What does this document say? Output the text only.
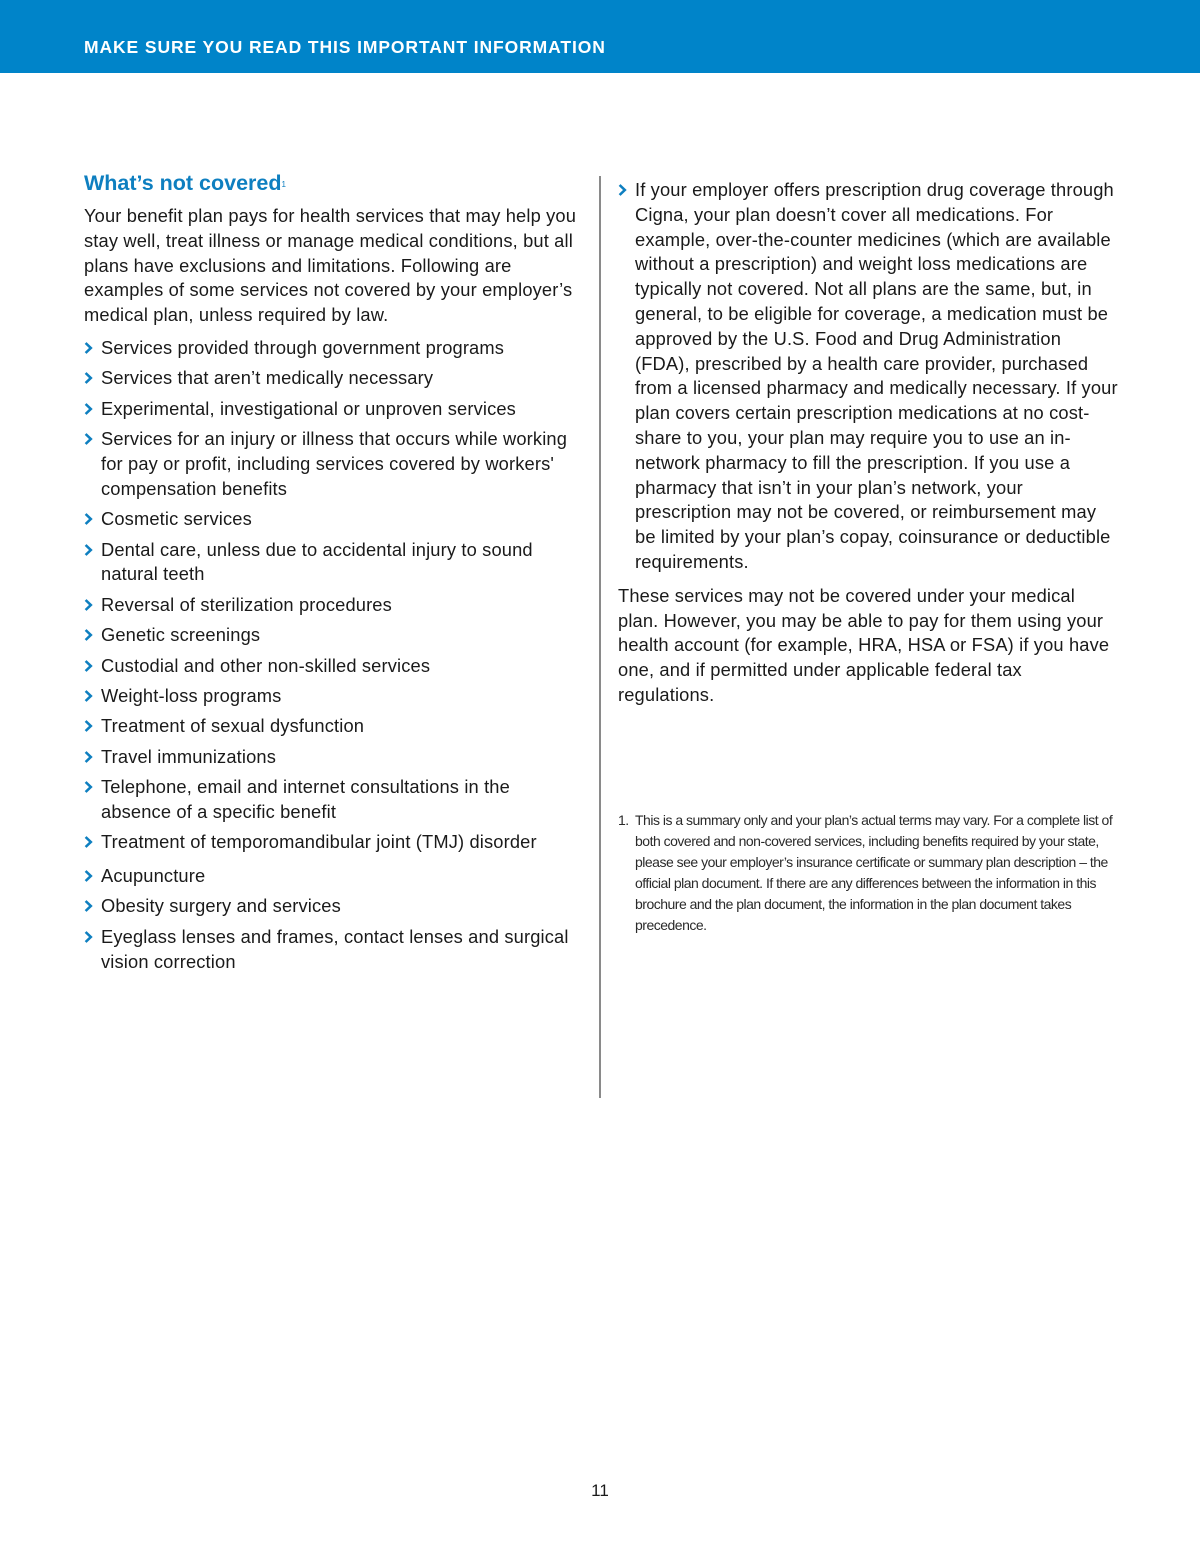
MAKE SURE YOU READ THIS IMPORTANT INFORMATION
What’s not covered$^1$

Your benefit plan pays for health services that may help you stay well, treat illness or manage medical conditions, but all plans have exclusions and limitations. Following are examples of some services not covered by your employer’s medical plan, unless required by law.

Services provided through government programs
Services that aren’t medically necessary
Experimental, investigational or unproven services
Services for an injury or illness that occurs while working for pay or profit, including services covered by workers' compensation benefits
Cosmetic services
Dental care, unless due to accidental injury to sound natural teeth
Reversal of sterilization procedures
Genetic screenings
Custodial and other non-skilled services
Weight-loss programs
Treatment of sexual dysfunction
Travel immunizations
Telephone, email and internet consultations in the absence of a specific benefit
Treatment of temporomandibular joint (TMJ) disorder
Acupuncture
Obesity surgery and services
Eyeglass lenses and frames, contact lenses and surgical vision correction
If your employer offers prescription drug coverage through Cigna, your plan doesn’t cover all medications. For example, over-the-counter medicines (which are available without a prescription) and weight loss medications are typically not covered. Not all plans are the same, but, in general, to be eligible for coverage, a medication must be approved by the U.S. Food and Drug Administration (FDA), prescribed by a health care provider, purchased from a licensed pharmacy and medically necessary. If your plan covers certain prescription medications at no cost-share to you, your plan may require you to use an in-network pharmacy to fill the prescription. If you use a pharmacy that isn’t in your plan’s network, your prescription may not be covered, or reimbursement may be limited by your plan’s copay, coinsurance or deductible requirements.

These services may not be covered under your medical plan. However, you may be able to pay for them using your health account (for example, HRA, HSA or FSA) if you have one, and if permitted under applicable federal tax regulations.

1. This is a summary only and your plan’s actual terms may vary. For a complete list of both covered and non-covered services, including benefits required by your state, please see your employer’s insurance certificate or summary plan description – the official plan document. If there are any differences between the information in this brochure and the plan document, the information in the plan document takes precedence.
11
